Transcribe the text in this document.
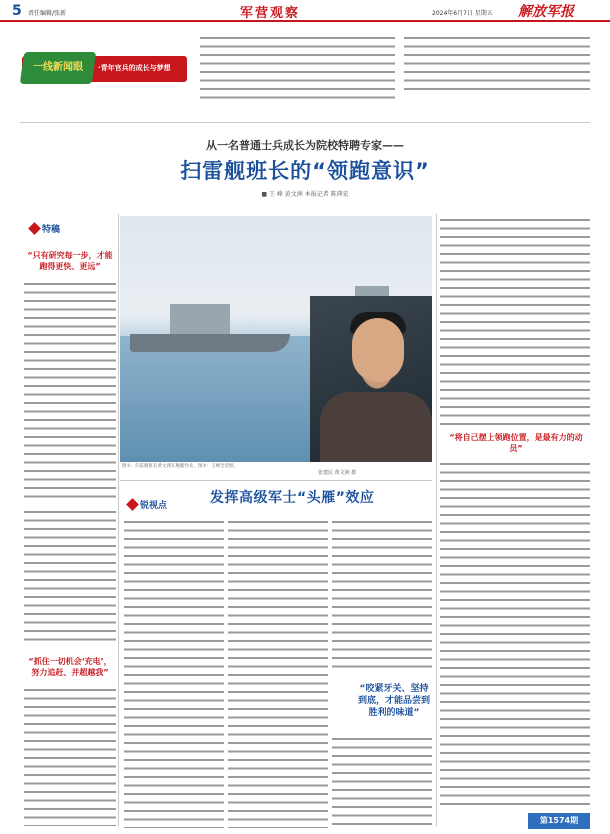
5 责任编辑/张新	军营观察	2024年6月7日 星期五 解放军报
一线新闻眼	·青年官兵的成长与梦想
从一名普通士兵成长为院校特聘专家——
扫雷舰班长的“领跑意识”
■ 王 峰 黄文洲 本报记者 陈典宏
特稿
“只有研究每一步，才能跑得更快、更远”
“抓住一切机会‘充电’，努力追赶、并超越我”
图①：扫雷舰班长黄文洲在舰艇作业。图②：王峰全景照。
张建民 黄文洲 摄
“将自己摆上领跑位置，是最有力的动员”
锐视点	发挥高级军士“头雁”效应
“咬紧牙关、坚持到底，才能品尝到胜利的味道”
第1574期
